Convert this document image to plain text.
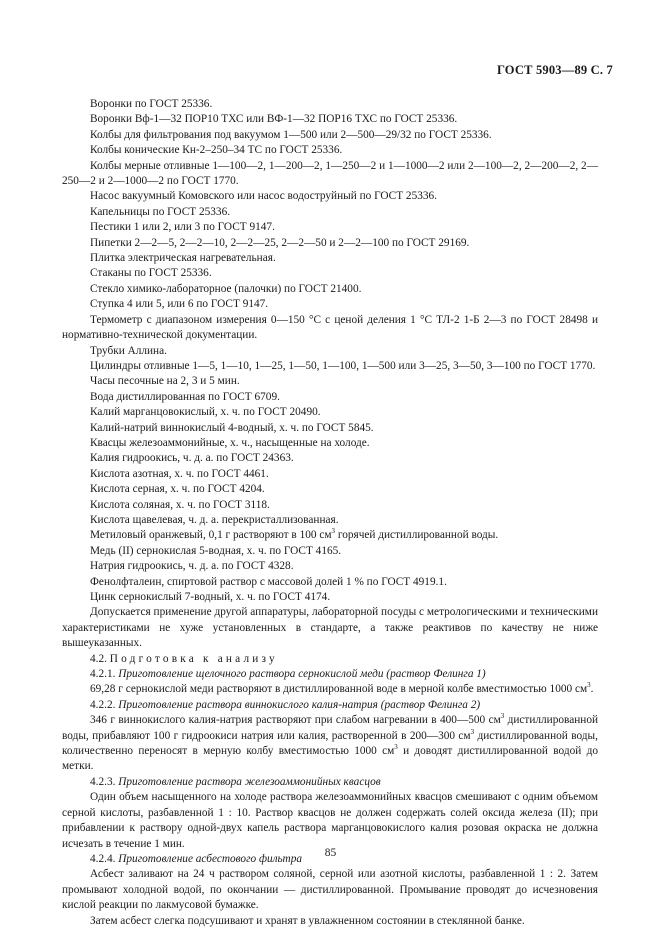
ГОСТ 5903—89 С. 7

Воронки по ГОСТ 25336.

Воронки Вф-1—32 ПОР10 ТХС или ВФ-1—32 ПОР16 ТХС по ГОСТ 25336.

Колбы для фильтрования под вакуумом 1—500 или 2—500—29/32 по ГОСТ 25336.

Колбы конические Кн-2–250–34 ТС по ГОСТ 25336.

Колбы мерные отливные 1—100—2, 1—200—2, 1—250—2 и 1—1000—2 или 2—100—2, 2—200—2, 2—250—2 и 2—1000—2 по ГОСТ 1770.

Насос вакуумный Комовского или насос водоструйный по ГОСТ 25336.

Капельницы по ГОСТ 25336.

Пестики 1 или 2, или 3 по ГОСТ 9147.

Пипетки 2—2—5, 2—2—10, 2—2—25, 2—2—50 и 2—2—100 по ГОСТ 29169.

Плитка электрическая нагревательная.

Стаканы по ГОСТ 25336.

Стекло химико-лабораторное (палочки) по ГОСТ 21400.

Ступка 4 или 5, или 6 по ГОСТ 9147.

Термометр с диапазоном измерения 0—150 °С с ценой деления 1 °С ТЛ-2 1-Б 2—3 по ГОСТ 28498 и нормативно-технической документации.

Трубки Аллина.

Цилиндры отливные 1—5, 1—10, 1—25, 1—50, 1—100, 1—500 или 3—25, 3—50, 3—100 по ГОСТ 1770.

Часы песочные на 2, 3 и 5 мин.

Вода дистиллированная по ГОСТ 6709.

Калий марганцовокислый, х. ч. по ГОСТ 20490.

Калий-натрий виннокислый 4-водный, х. ч. по ГОСТ 5845.

Квасцы железоаммонийные, х. ч., насыщенные на холоде.

Калия гидроокись, ч. д. а. по ГОСТ 24363.

Кислота азотная, х. ч. по ГОСТ 4461.

Кислота серная, х. ч. по ГОСТ 4204.

Кислота соляная, х. ч. по ГОСТ 3118.

Кислота щавелевая, ч. д. а. перекристаллизованная.

Метиловый оранжевый, 0,1 г растворяют в 100 $см^3$ горячей дистиллированной воды.

Медь (II) сернокислая 5-водная, х. ч. по ГОСТ 4165.

Натрия гидроокись, ч. д. а. по ГОСТ 4328.

Фенолфталеин, спиртовой раствор с массовой долей 1 % по ГОСТ 4919.1.

Цинк сернокислый 7-водный, х. ч. по ГОСТ 4174.

Допускается применение другой аппаратуры, лабораторной посуды с метрологическими и техническими характеристиками не хуже установленных в стандарте, а также реактивов по качеству не ниже вышеуказанных.

4.2. Подготовка к анализу

4.2.1. Приготовление щелочного раствора сернокислой меди (раствор Фелинга 1)

69,28 г сернокислой меди растворяют в дистиллированной воде в мерной колбе вместимостью 1000 $см^3$.

4.2.2. Приготовление раствора виннокислого калия-натрия (раствор Фелинга 2)

346 г виннокислого калия-натрия растворяют при слабом нагревании в 400—500 $см^3$ дистиллированной воды, прибавляют 100 г гидроокиси натрия или калия, растворенной в 200—300 $см^3$ дистиллированной воды, количественно переносят в мерную колбу вместимостью 1000 $см^3$ и доводят дистиллированной водой до метки.

4.2.3. Приготовление раствора железоаммонийных квасцов

Один объем насыщенного на холоде раствора железоаммонийных квасцов смешивают с одним объемом серной кислоты, разбавленной 1 : 10. Раствор квасцов не должен содержать солей оксида железа (II); при прибавлении к раствору одной-двух капель раствора марганцовокислого калия розовая окраска не должна исчезать в течение 1 мин.

4.2.4. Приготовление асбестового фильтра

Асбест заливают на 24 ч раствором соляной, серной или азотной кислоты, разбавленной 1 : 2. Затем промывают холодной водой, по окончании — дистиллированной. Промывание проводят до исчезновения кислой реакции по лакмусовой бумажке.

Затем асбест слегка подсушивают и хранят в увлажненном состоянии в стеклянной банке.

85
